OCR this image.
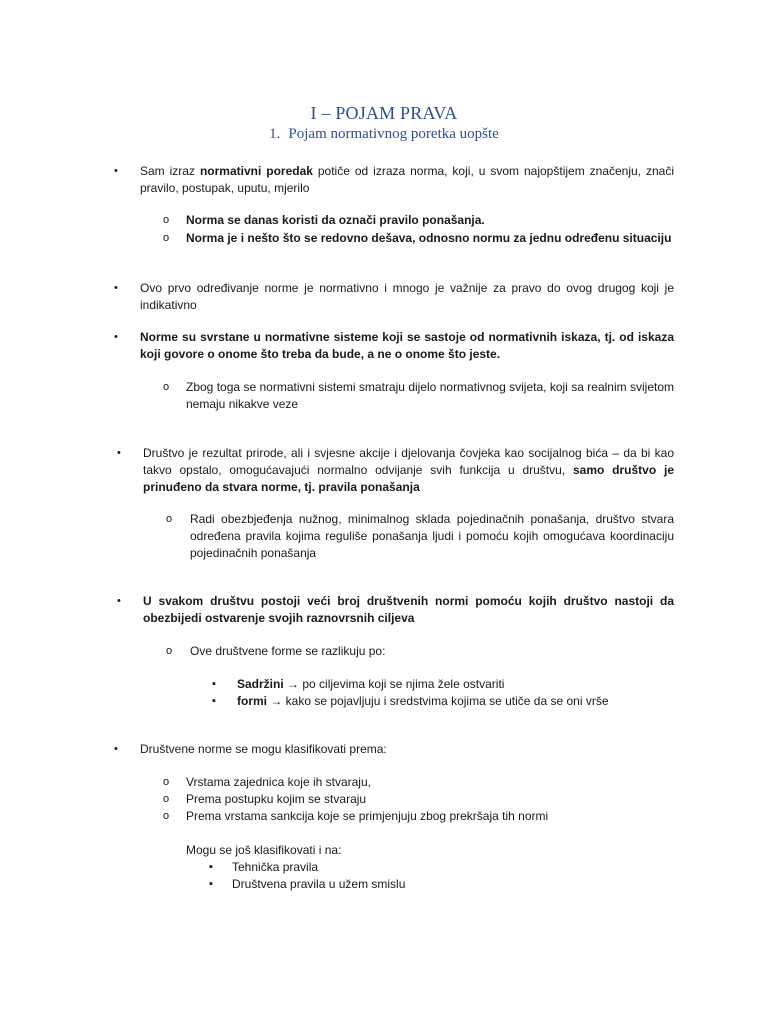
I – POJAM PRAVA
1. Pojam normativnog poretka uopšte
• Sam izraz normativni poredak potiče od izraza norma, koji, u svom najopštijem značenju, znači pravilo, postupak, uputu, mjerilo
o Norma se danas koristi da označi pravilo ponašanja.
o Norma je i nešto što se redovno dešava, odnosno normu za jednu određenu situaciju
• Ovo prvo određivanje norme je normativno i mnogo je važnije za pravo do ovog drugog koji je indikativno
• Norme su svrstane u normativne sisteme koji se sastoje od normativnih iskaza, tj. od iskaza koji govore o onome što treba da bude, a ne o onome što jeste.
o Zbog toga se normativni sistemi smatraju dijelo normativnog svijeta, koji sa realnim svijetom nemaju nikakve veze
• Društvo je rezultat prirode, ali i svjesne akcije i djelovanja čovjeka kao socijalnog bića – da bi kao takvo opstalo, omogućavajući normalno odvijanje svih funkcija u društvu, samo društvo je prinuđeno da stvara norme, tj. pravila ponašanja
o Radi obezbjeđenja nužnog, minimalnog sklada pojedinačnih ponašanja, društvo stvara određena pravila kojima reguliše ponašanja ljudi i pomoću kojih omogućava koordinaciju pojedinačnih ponašanja
• U svakom društvu postoji veći broj društvenih normi pomoću kojih društvo nastoji da obezbijedi ostvarenje svojih raznovrsnih ciljeva
o Ove društvene forme se razlikuju po:
▪ Sadržini → po ciljevima koji se njima žele ostvariti
▪ formi → kako se pojavljuju i sredstvima kojima se utiče da se oni vrše
• Društvene norme se mogu klasifikovati prema:
o Vrstama zajednica koje ih stvaraju,
o Prema postupku kojim se stvaraju
o Prema vrstama sankcija koje se primjenjuju zbog prekršaja tih normi
Mogu se još klasifikovati i na:
▪ Tehnička pravila
▪ Društvena pravila u užem smislu
